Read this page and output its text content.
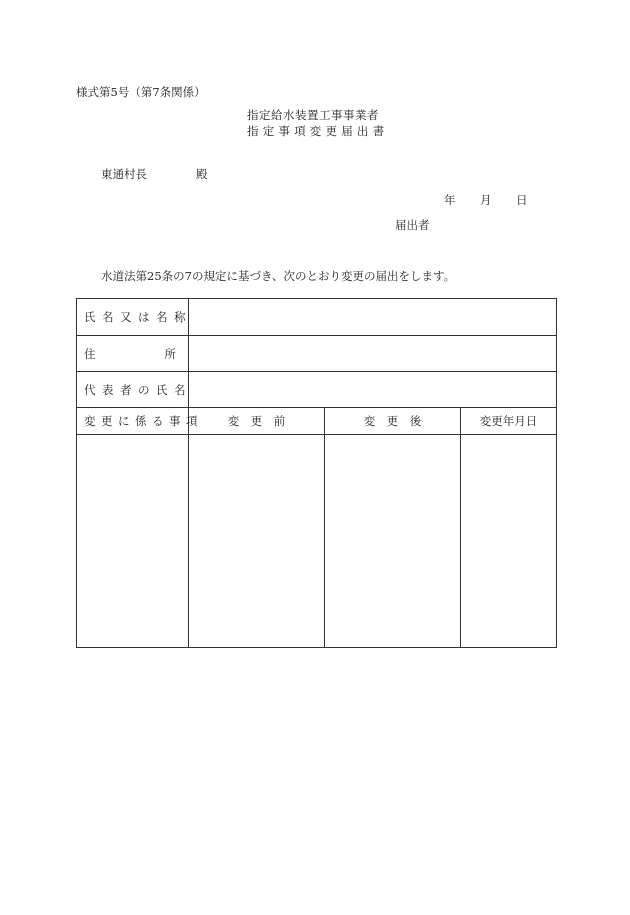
様式第5号（第7条関係）
指定給水装置工事事業者
指定事項変更届出書
東通村長	殿
年 月 日
届出者
水道法第25条の7の規定に基づき、次のとおり変更の届出をします。
氏名又は名称			

住 所			

代表者の氏名			
変更に係る事項	変　更　前	変　更　後	変更年月日
